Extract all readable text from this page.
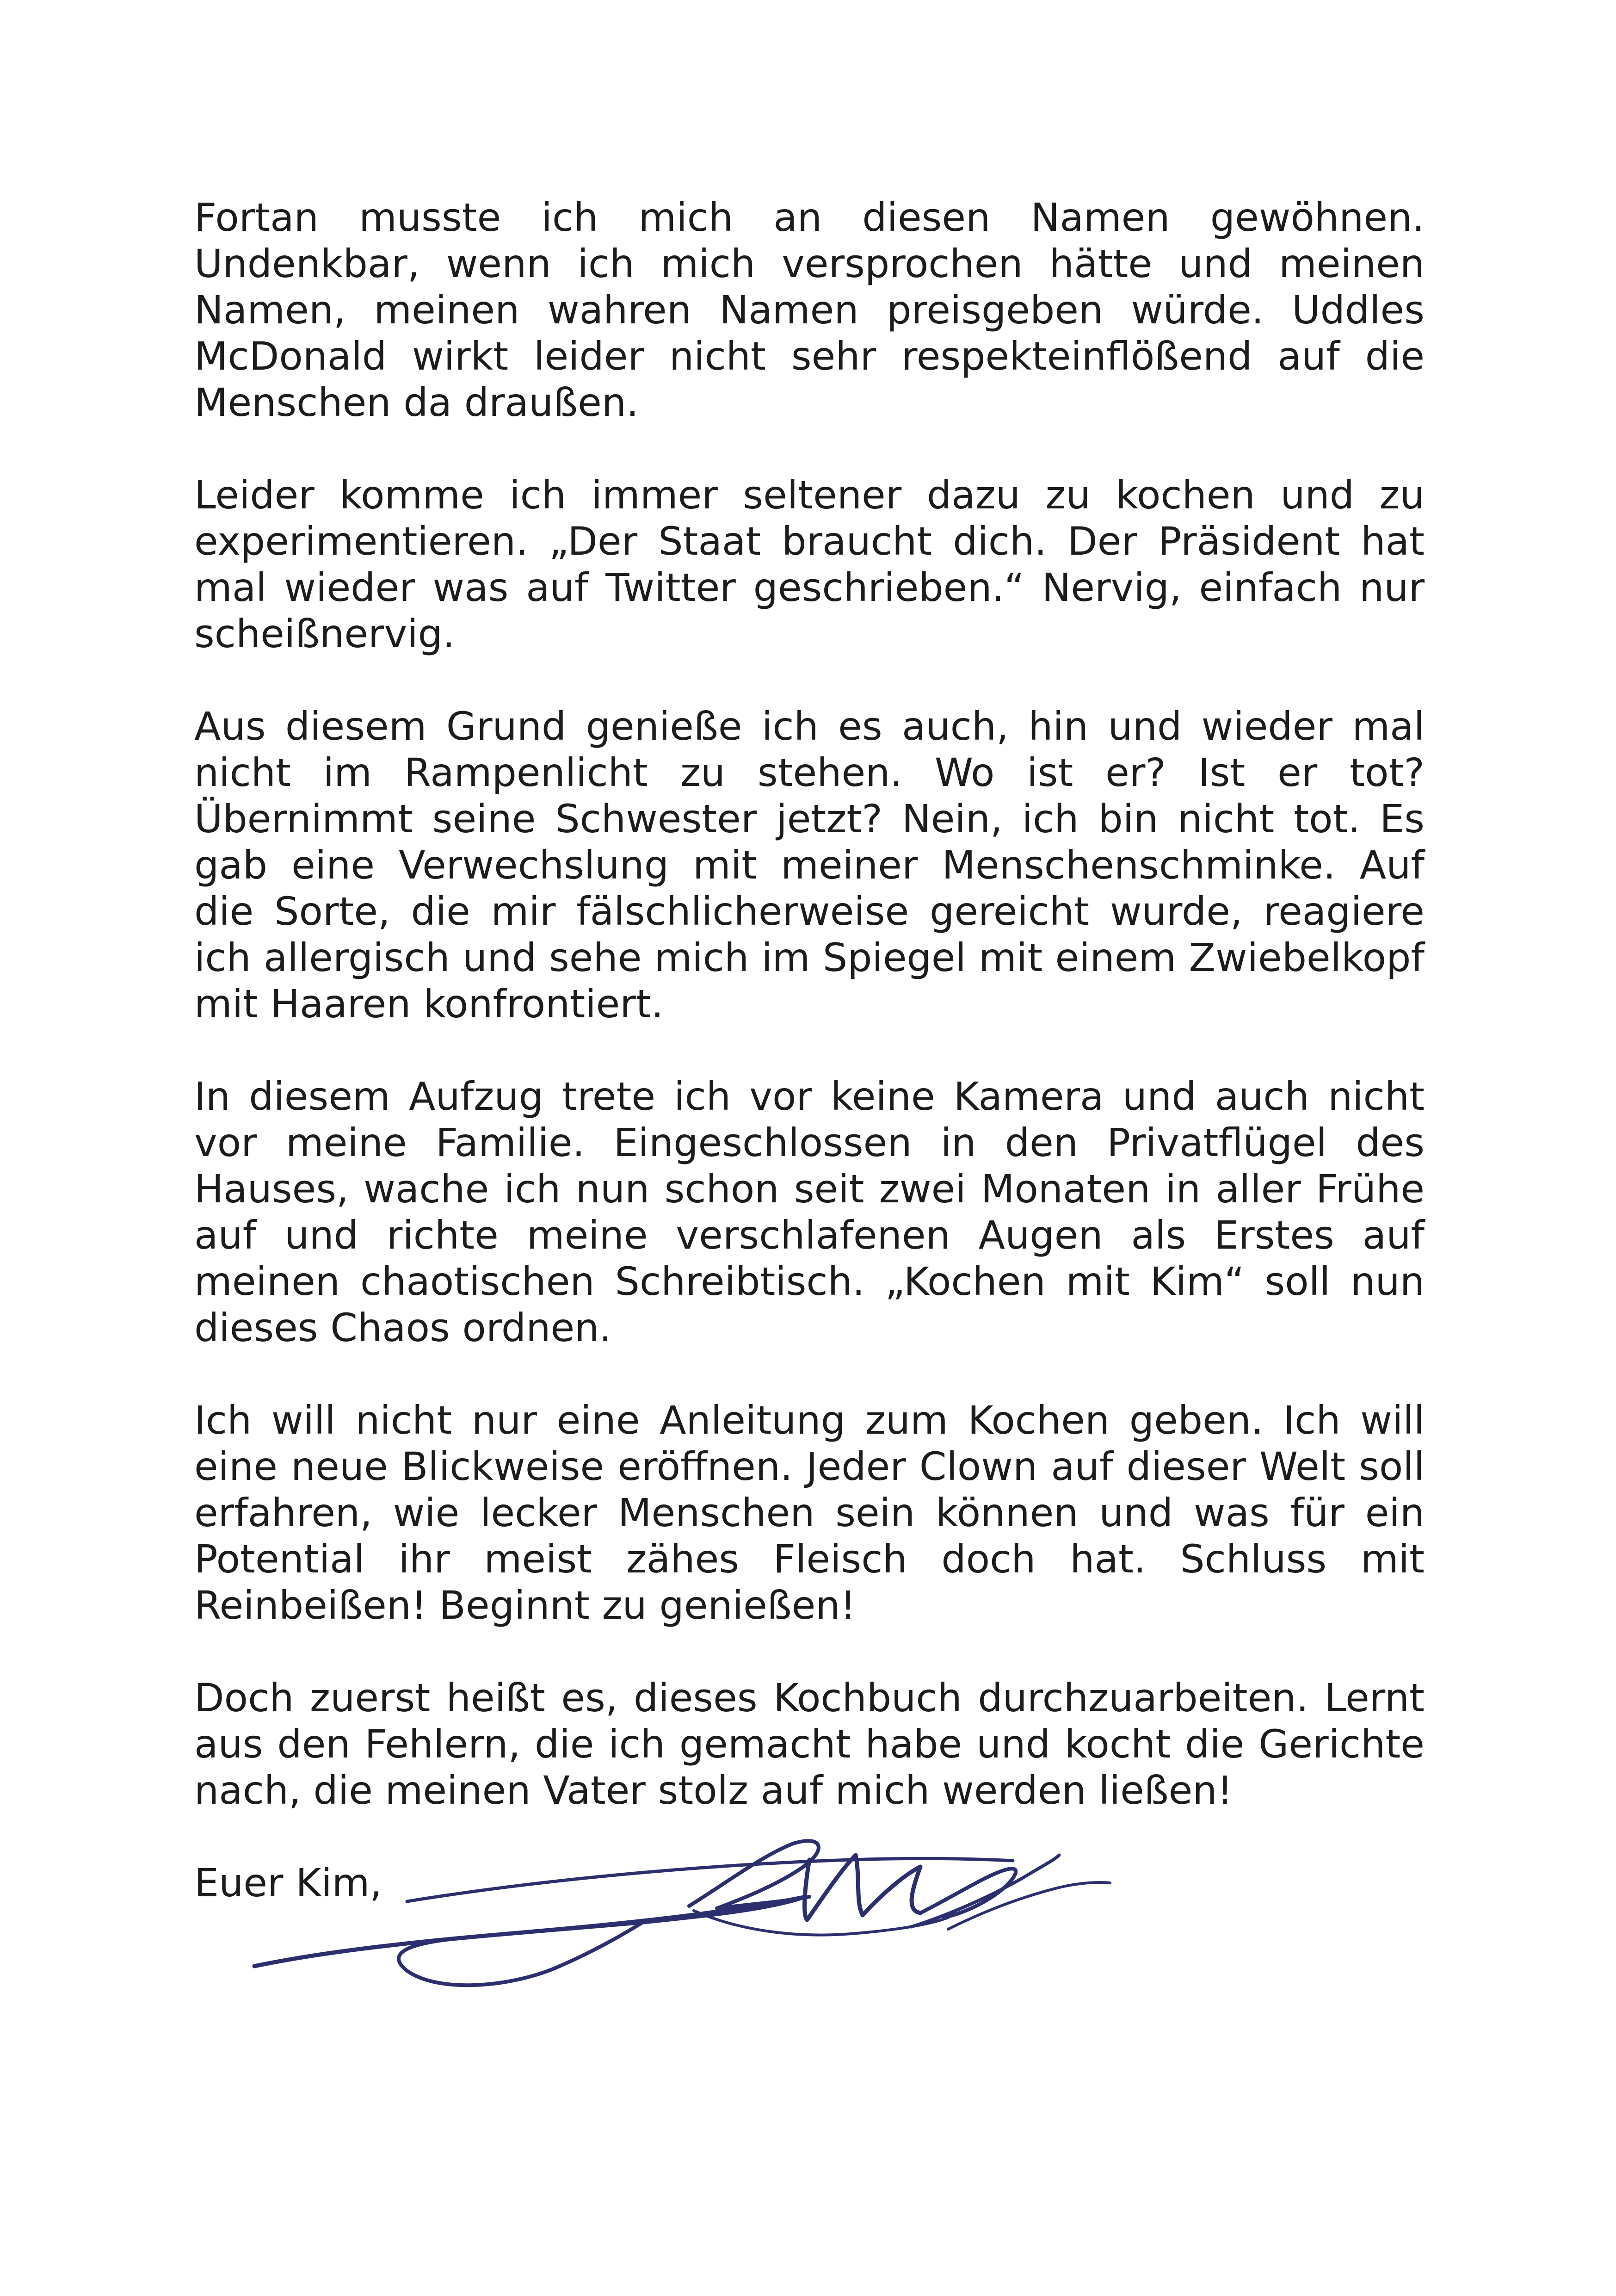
Fortan musste ich mich an diesen Namen gewöhnen. Undenkbar, wenn ich mich versprochen hätte und meinen Namen, meinen wahren Namen preisgeben würde. Uddles McDonald wirkt leider nicht sehr respekteinflößend auf die Menschen da draußen.

Leider komme ich immer seltener dazu zu kochen und zu experimentieren. „Der Staat braucht dich. Der Präsident hat mal wieder was auf Twitter geschrieben.“ Nervig, einfach nur scheißnervig.

Aus diesem Grund genieße ich es auch, hin und wieder mal nicht im Rampenlicht zu stehen. Wo ist er? Ist er tot? Übernimmt seine Schwester jetzt? Nein, ich bin nicht tot. Es gab eine Verwechslung mit meiner Menschenschminke. Auf die Sorte, die mir fälschlicherweise gereicht wurde, reagiere ich allergisch und sehe mich im Spiegel mit einem Zwiebelkopf mit Haaren konfrontiert.

In diesem Aufzug trete ich vor keine Kamera und auch nicht vor meine Familie. Eingeschlossen in den Privatflügel des Hauses, wache ich nun schon seit zwei Monaten in aller Frühe auf und richte meine verschlafenen Augen als Erstes auf meinen chaotischen Schreibtisch. „Kochen mit Kim“ soll nun dieses Chaos ordnen.

Ich will nicht nur eine Anleitung zum Kochen geben. Ich will eine neue Blickweise eröffnen. Jeder Clown auf dieser Welt soll erfahren, wie lecker Menschen sein können und was für ein Potential ihr meist zähes Fleisch doch hat. Schluss mit Reinbeißen! Beginnt zu genießen!

Doch zuerst heißt es, dieses Kochbuch durchzuarbeiten. Lernt aus den Fehlern, die ich gemacht habe und kocht die Gerichte nach, die meinen Vater stolz auf mich werden ließen!

Euer Kim,
